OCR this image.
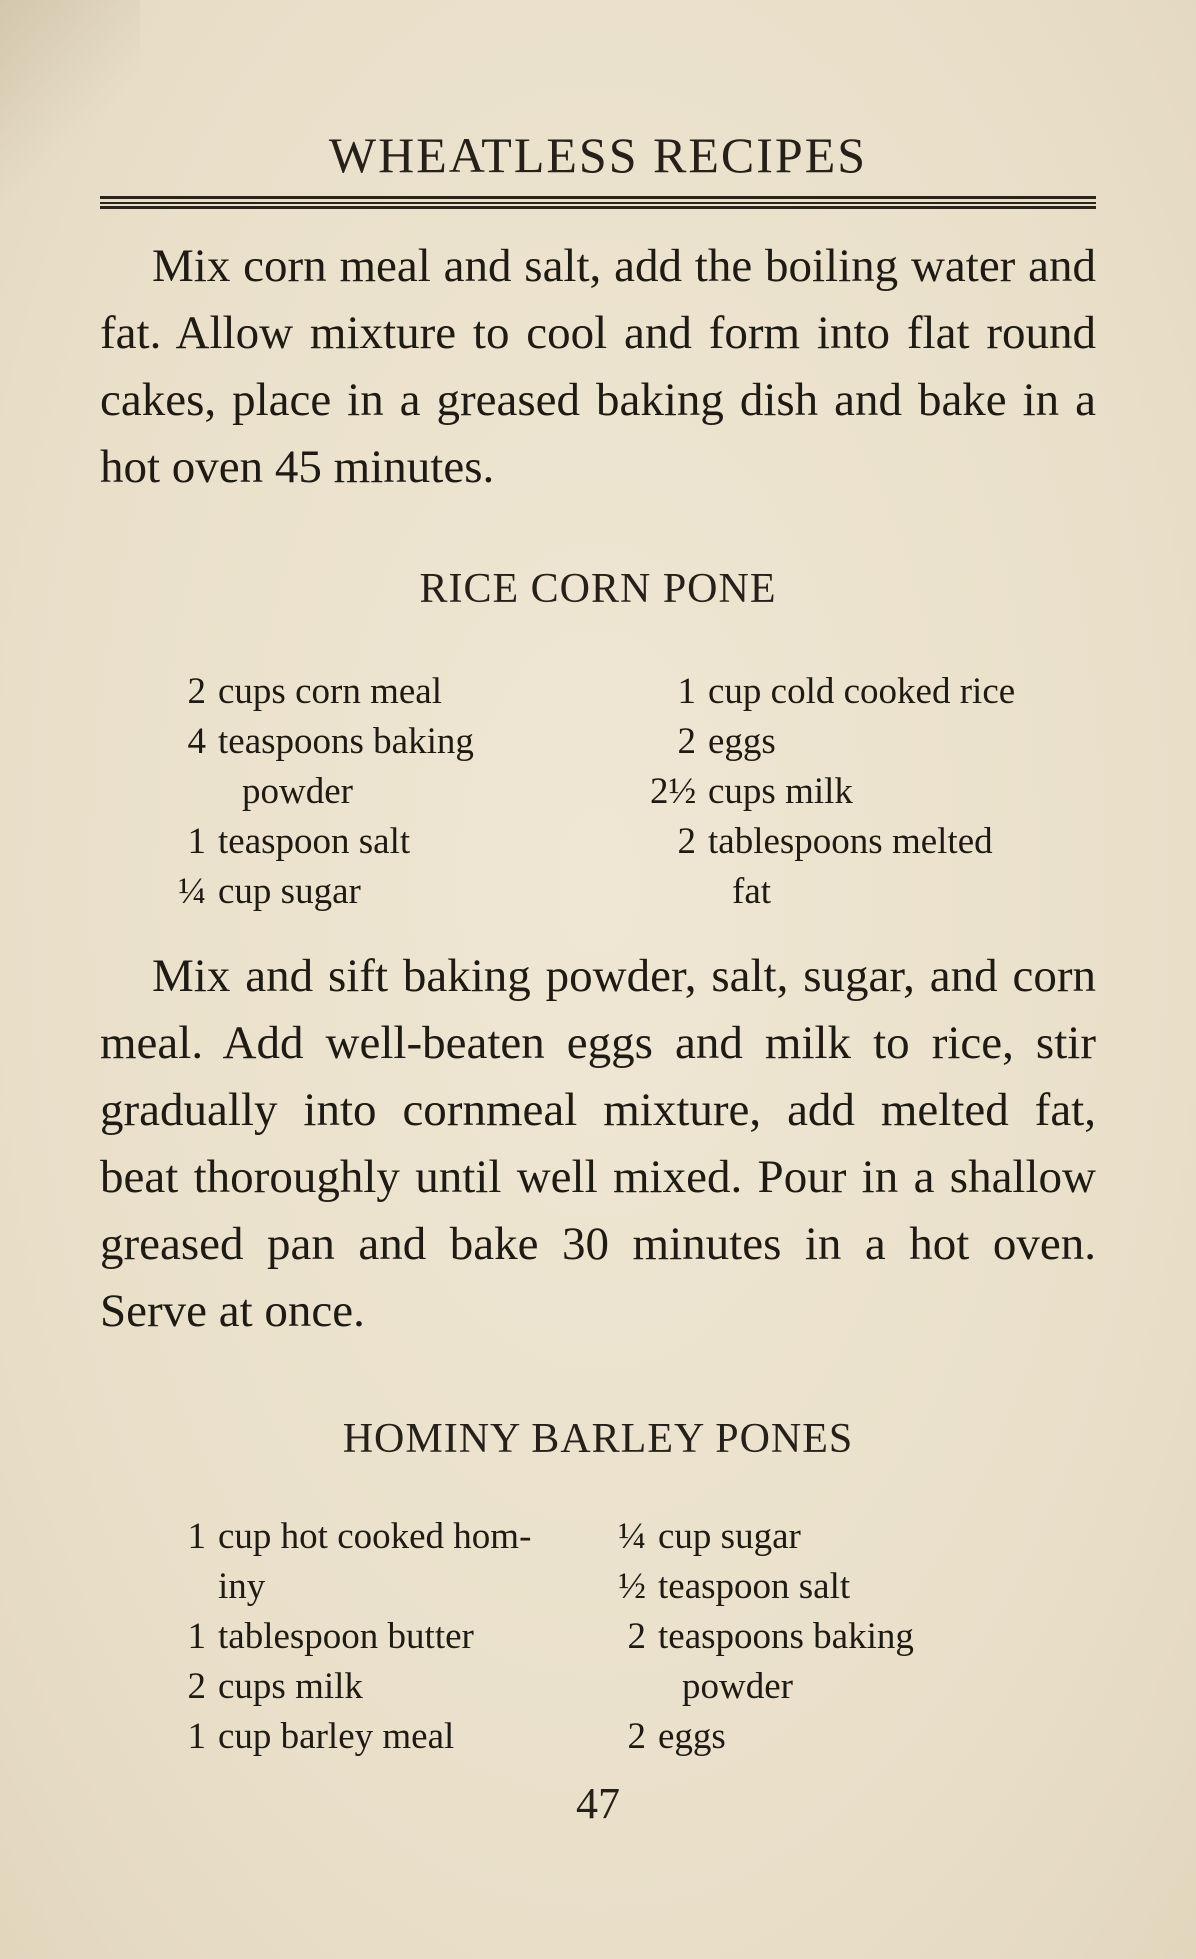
WHEATLESS RECIPES

Mix corn meal and salt, add the boiling water and fat. Allow mixture to cool and form into flat round cakes, place in a greased baking dish and bake in a hot oven 45 minutes.

RICE CORN PONE
2 cups corn meal
4 teaspoons baking
powder
1 teaspoon salt
¼ cup sugar
1 cup cold cooked rice
2 eggs
2½ cups milk
2 tablespoons melted
fat

Mix and sift baking powder, salt, sugar, and corn meal. Add well-beaten eggs and milk to rice, stir gradually into cornmeal mixture, add melted fat, beat thoroughly until well mixed. Pour in a shallow greased pan and bake 30 minutes in a hot oven. Serve at once.

HOMINY BARLEY PONES
1 cup hot cooked hom-
iny
1 tablespoon butter
2 cups milk
1 cup barley meal
¼ cup sugar
½ teaspoon salt
2 teaspoons baking
powder
2 eggs
47
